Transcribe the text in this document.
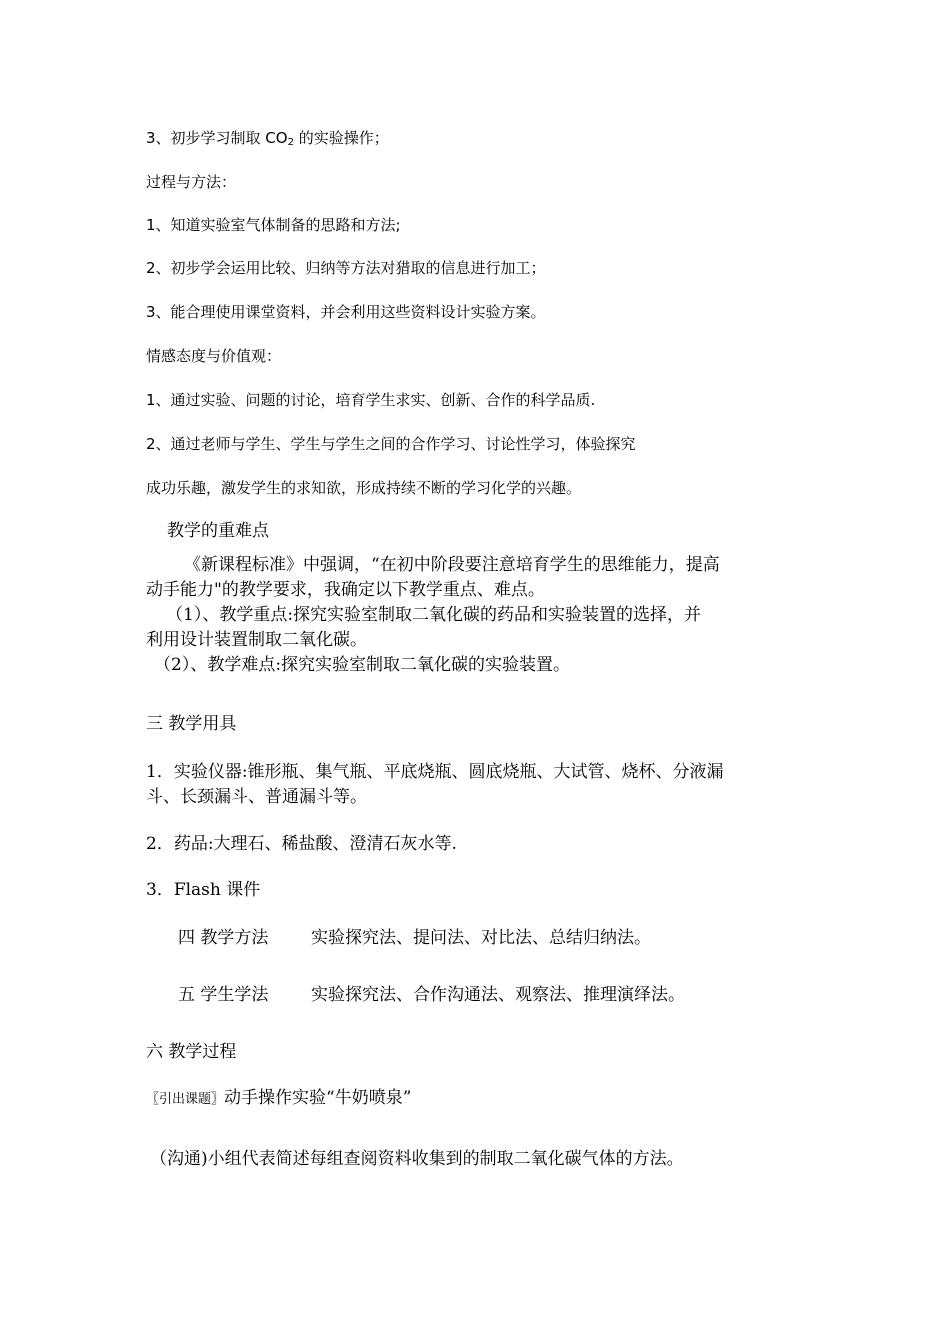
3、初步学习制取 $CO_2$ 的实验操作；

过程与方法：

1、知道实验室气体制备的思路和方法;

2、初步学会运用比较、归纳等方法对猎取的信息进行加工；

3、能合理使用课堂资料，并会利用这些资料设计实验方案。

情感态度与价值观：

1、通过实验、问题的讨论，培育学生求实、创新、合作的科学品质.

2、通过老师与学生、学生与学生之间的合作学习、讨论性学习，体验探究

成功乐趣，激发学生的求知欲，形成持续不断的学习化学的兴趣。

教学的重难点

《新课程标准》中强调，“在初中阶段要注意培育学生的思维能力，提高

动手能力"的教学要求，我确定以下教学重点、难点。

（1）、教学重点:探究实验室制取二氧化碳的药品和实验装置的选择，并

利用设计装置制取二氧化碳。

（2）、教学难点:探究实验室制取二氧化碳的实验装置。

三 教学用具

1．实验仪器:锥形瓶、集气瓶、平底烧瓶、圆底烧瓶、大试管、烧杯、分液漏

斗、长颈漏斗、普通漏斗等。

2．药品:大理石、稀盐酸、澄清石灰水等.

3．Flash 课件

四 教学方法	实验探究法、提问法、对比法、总结归纳法。

五 学生学法	实验探究法、合作沟通法、观察法、推理演绎法。

六 教学过程

〖引出课题〗动手操作实验“牛奶喷泉”

（沟通)小组代表简述每组查阅资料收集到的制取二氧化碳气体的方法。
